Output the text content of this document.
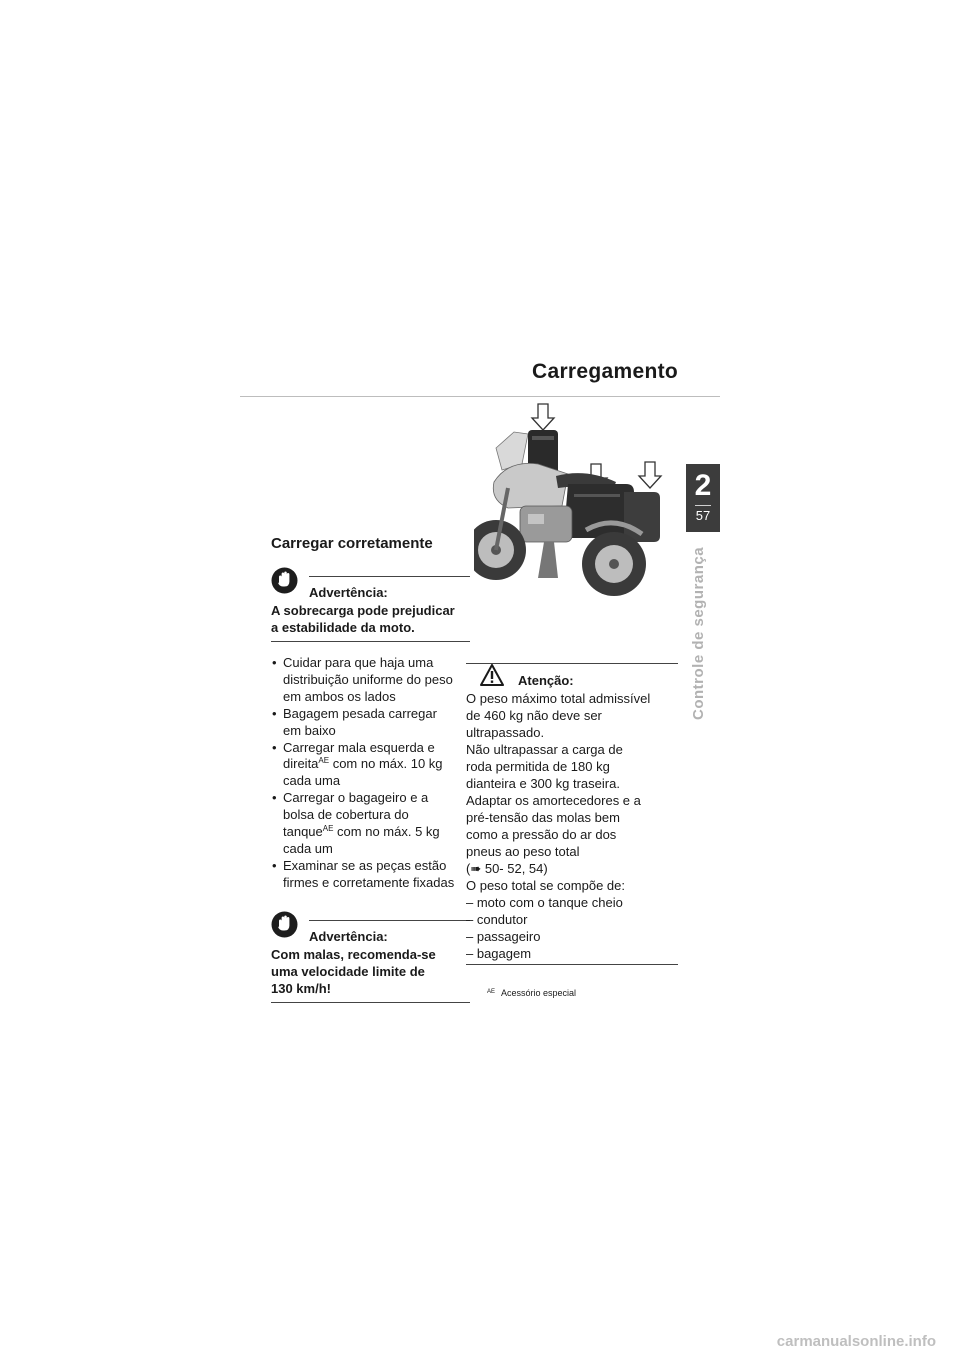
Carregamento
2
57
Controle de segurança
Carregar corretamente
Advertência:
A sobrecarga pode prejudicar
a estabilidade da moto.
• Cuidar para que haja uma
distribuição uniforme do peso
em ambos os lados
• Bagagem pesada carregar
em baixo
• Carregar mala esquerda e
direita$^{AE}$ com no máx. 10 kg
cada uma
• Carregar o bagageiro e a
bolsa de cobertura do
tanque$^{AE}$ com no máx. 5 kg
cada um
• Examinar se as peças estão
firmes e corretamente fixadas
Advertência:
Com malas, recomenda-se
uma velocidade limite de
130 km/h!
Atenção:
O peso máximo total admissível
de 460 kg não deve ser
ultrapassado.
Não ultrapassar a carga de
roda permitida de 180 kg
dianteira e 300 kg traseira.
Adaptar os amortecedores e a
pré-tensão das molas bem
como a pressão do ar dos
pneus ao peso total
(➠ 50- 52, 54)
O peso total se compõe de:
– moto com o tanque cheio
– condutor
– passageiro
– bagagem
$^{AE}$ Acessório especial
carmanualsonline.info
